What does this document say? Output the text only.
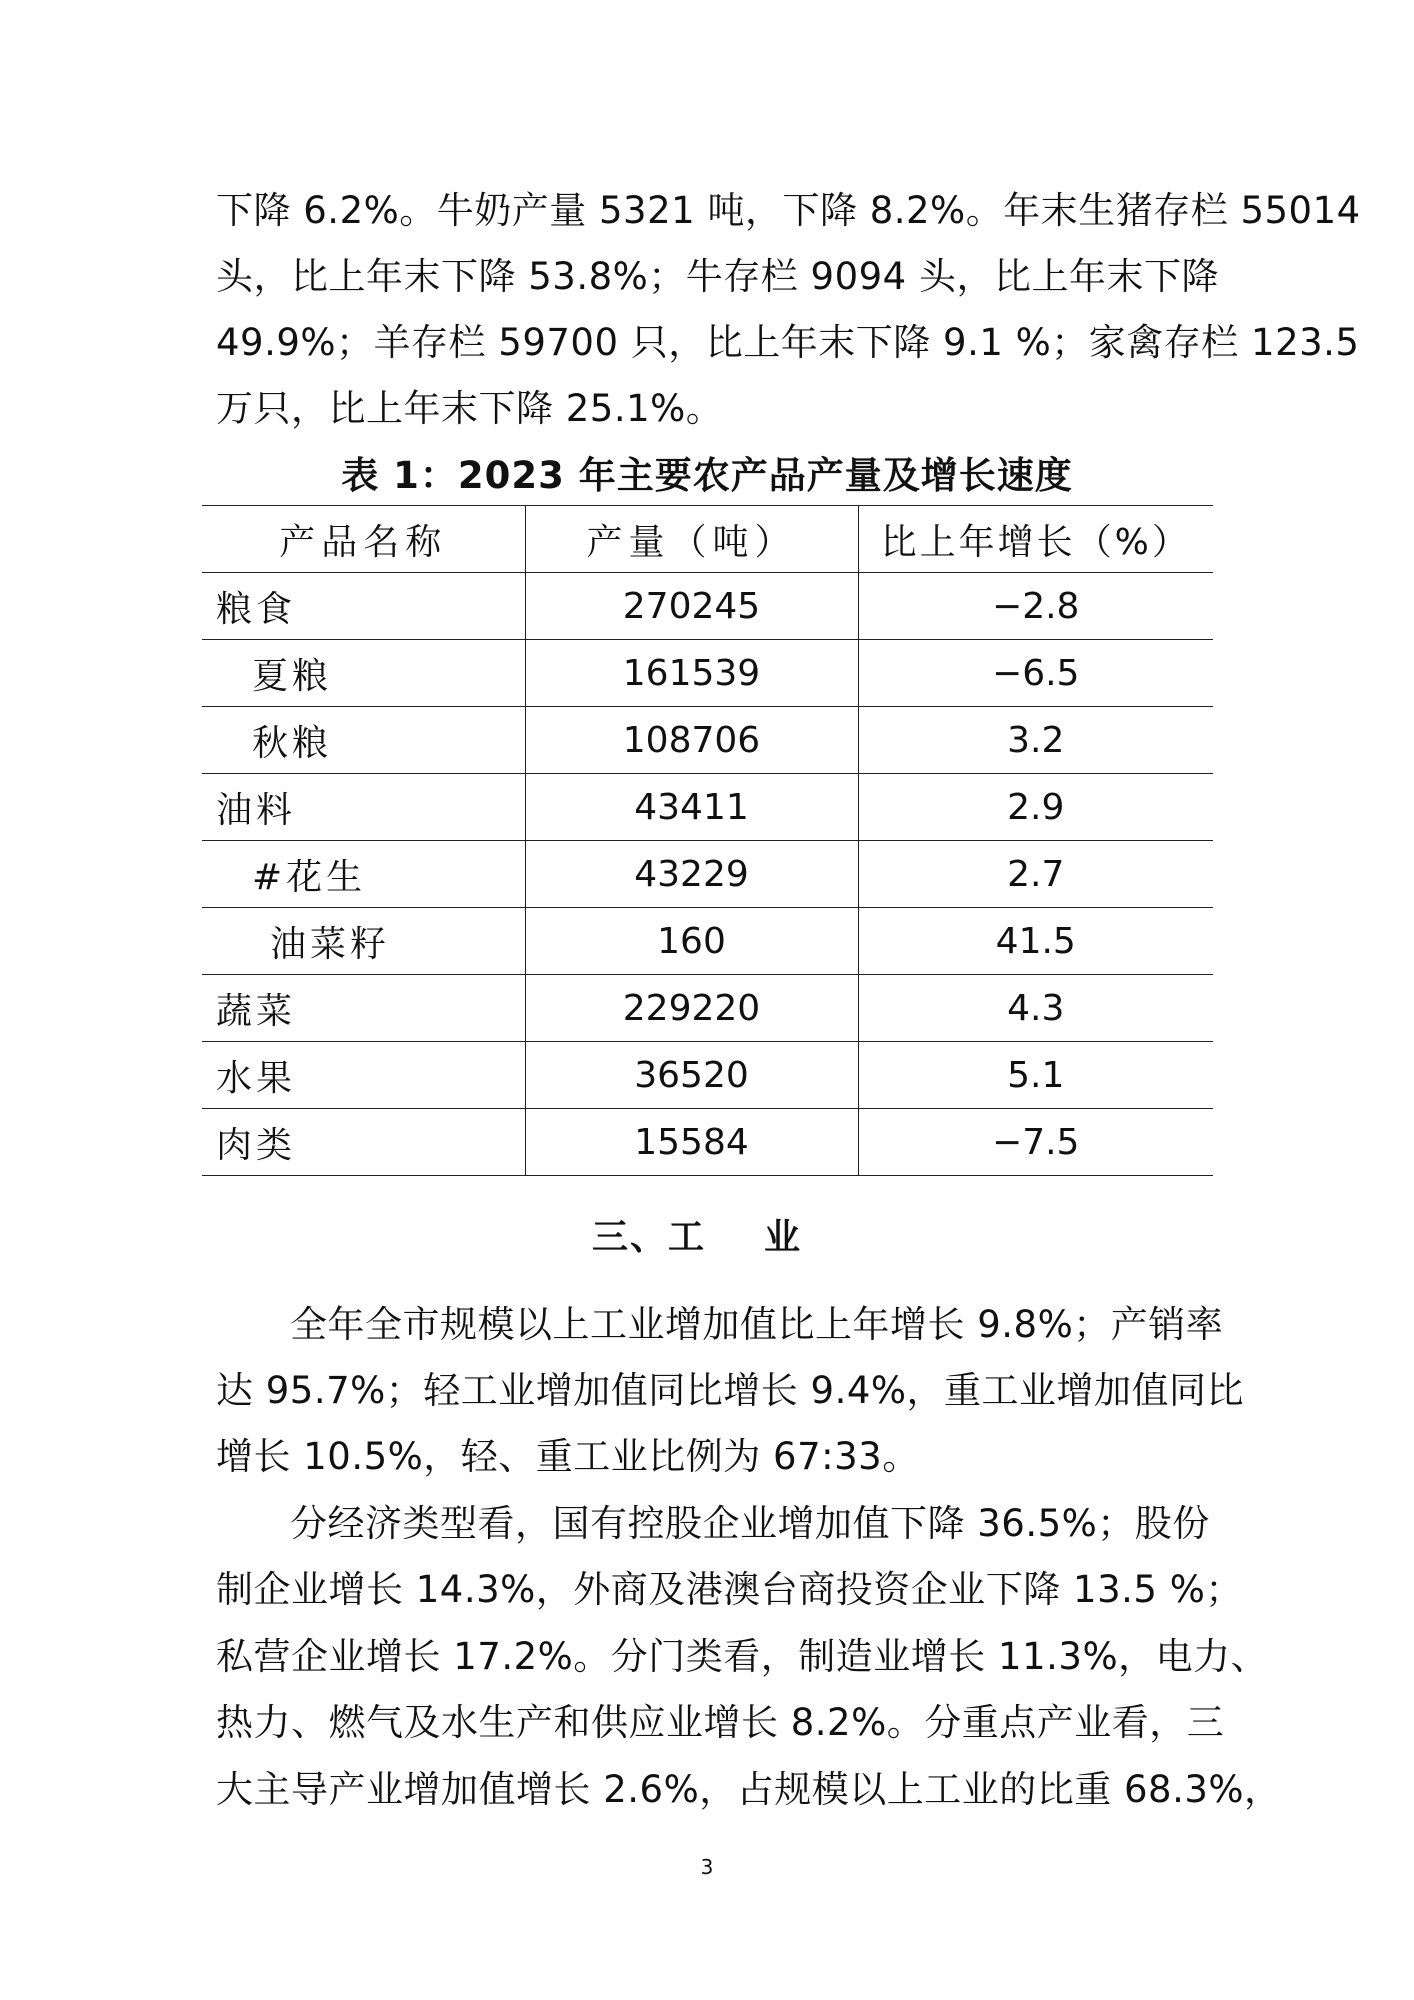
下降 6.2%。牛奶产量 5321 吨，下降 8.2%。年末生猪存栏 55014
头，比上年末下降 53.8%；牛存栏 9094 头，比上年末下降
49.9%；羊存栏 59700 只，比上年末下降 9.1 %；家禽存栏 123.5
万只，比上年末下降 25.1%。
表 1：2023 年主要农产品产量及增长速度
产品名称	产量（吨）	比上年增长（%）
粮食	270245	−2.8
夏粮	161539	−6.5
秋粮	108706	3.2
油料	43411	2.9
#花生	43229	2.7
油菜籽	160	41.5
蔬菜	229220	4.3
水果	36520	5.1
肉类	15584	−7.5
三、工 业
全年全市规模以上工业增加值比上年增长 9.8%；产销率
达 95.7%；轻工业增加值同比增长 9.4%，重工业增加值同比
增长 10.5%，轻、重工业比例为 67:33。
分经济类型看，国有控股企业增加值下降 36.5%；股份
制企业增长 14.3%，外商及港澳台商投资企业下降 13.5 %；
私营企业增长 17.2%。分门类看，制造业增长 11.3%，电力、
热力、燃气及水生产和供应业增长 8.2%。分重点产业看，三
大主导产业增加值增长 2.6%，占规模以上工业的比重 68.3%，
3
